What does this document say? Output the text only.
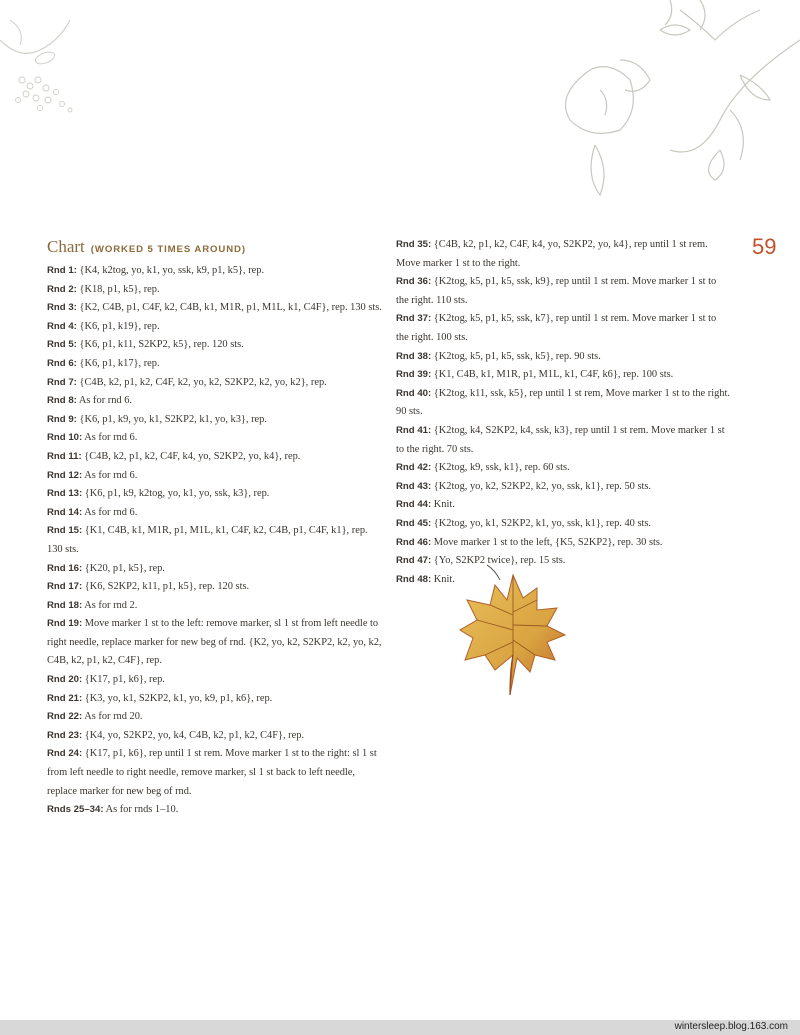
Chart (WORKED 5 TIMES AROUND)

Rnd 1: {K4, k2tog, yo, k1, yo, ssk, k9, p1, k5}, rep.

Rnd 2: {K18, p1, k5}, rep.

Rnd 3: {K2, C4B, p1, C4F, k2, C4B, k1, M1R, p1, M1L, k1, C4F}, rep. 130 sts.

Rnd 4: {K6, p1, k19}, rep.

Rnd 5: {K6, p1, k11, S2KP2, k5}, rep. 120 sts.

Rnd 6: {K6, p1, k17}, rep.

Rnd 7: {C4B, k2, p1, k2, C4F, k2, yo, k2, S2KP2, k2, yo, k2}, rep.

Rnd 8: As for rnd 6.

Rnd 9: {K6, p1, k9, yo, k1, S2KP2, k1, yo, k3}, rep.

Rnd 10: As for rnd 6.

Rnd 11: {C4B, k2, p1, k2, C4F, k4, yo, S2KP2, yo, k4}, rep.

Rnd 12: As for rnd 6.

Rnd 13: {K6, p1, k9, k2tog, yo, k1, yo, ssk, k3}, rep.

Rnd 14: As for rnd 6.

Rnd 15: {K1, C4B, k1, M1R, p1, M1L, k1, C4F, k2, C4B, p1, C4F, k1}, rep. 130 sts.

Rnd 16: {K20, p1, k5}, rep.

Rnd 17: {K6, S2KP2, k11, p1, k5}, rep. 120 sts.

Rnd 18: As for rnd 2.

Rnd 19: Move marker 1 st to the left: remove marker, sl 1 st from left needle to right needle, replace marker for new beg of rnd. {K2, yo, k2, S2KP2, k2, yo, k2, C4B, k2, p1, k2, C4F}, rep.

Rnd 20: {K17, p1, k6}, rep.

Rnd 21: {K3, yo, k1, S2KP2, k1, yo, k9, p1, k6}, rep.

Rnd 22: As for rnd 20.

Rnd 23: {K4, yo, S2KP2, yo, k4, C4B, k2, p1, k2, C4F}, rep.

Rnd 24: {K17, p1, k6}, rep until 1 st rem. Move marker 1 st to the right: sl 1 st from left needle to right needle, remove marker, sl 1 st back to left needle, replace marker for new beg of rnd.

Rnds 25–34: As for rnds 1–10.

Rnd 35: {C4B, k2, p1, k2, C4F, k4, yo, S2KP2, yo, k4}, rep until 1 st rem. Move marker 1 st to the right.

Rnd 36: {K2tog, k5, p1, k5, ssk, k9}, rep until 1 st rem. Move marker 1 st to the right. 110 sts.

Rnd 37: {K2tog, k5, p1, k5, ssk, k7}, rep until 1 st rem. Move marker 1 st to the right. 100 sts.

Rnd 38: {K2tog, k5, p1, k5, ssk, k5}, rep. 90 sts.

Rnd 39: {K1, C4B, k1, M1R, p1, M1L, k1, C4F, k6}, rep. 100 sts.

Rnd 40: {K2tog, k11, ssk, k5}, rep until 1 st rem, Move marker 1 st to the right. 90 sts.

Rnd 41: {K2tog, k4, S2KP2, k4, ssk, k3}, rep until 1 st rem. Move marker 1 st to the right. 70 sts.

Rnd 42: {K2tog, k9, ssk, k1}, rep. 60 sts.

Rnd 43: {K2tog, yo, k2, S2KP2, k2, yo, ssk, k1}, rep. 50 sts.

Rnd 44: Knit.

Rnd 45: {K2tog, yo, k1, S2KP2, k1, yo, ssk, k1}, rep. 40 sts.

Rnd 46: Move marker 1 st to the left, {K5, S2KP2}, rep. 30 sts.

Rnd 47: {Yo, S2KP2 twice}, rep. 15 sts.

Rnd 48: Knit.

59
wintersleep.blog.163.com
